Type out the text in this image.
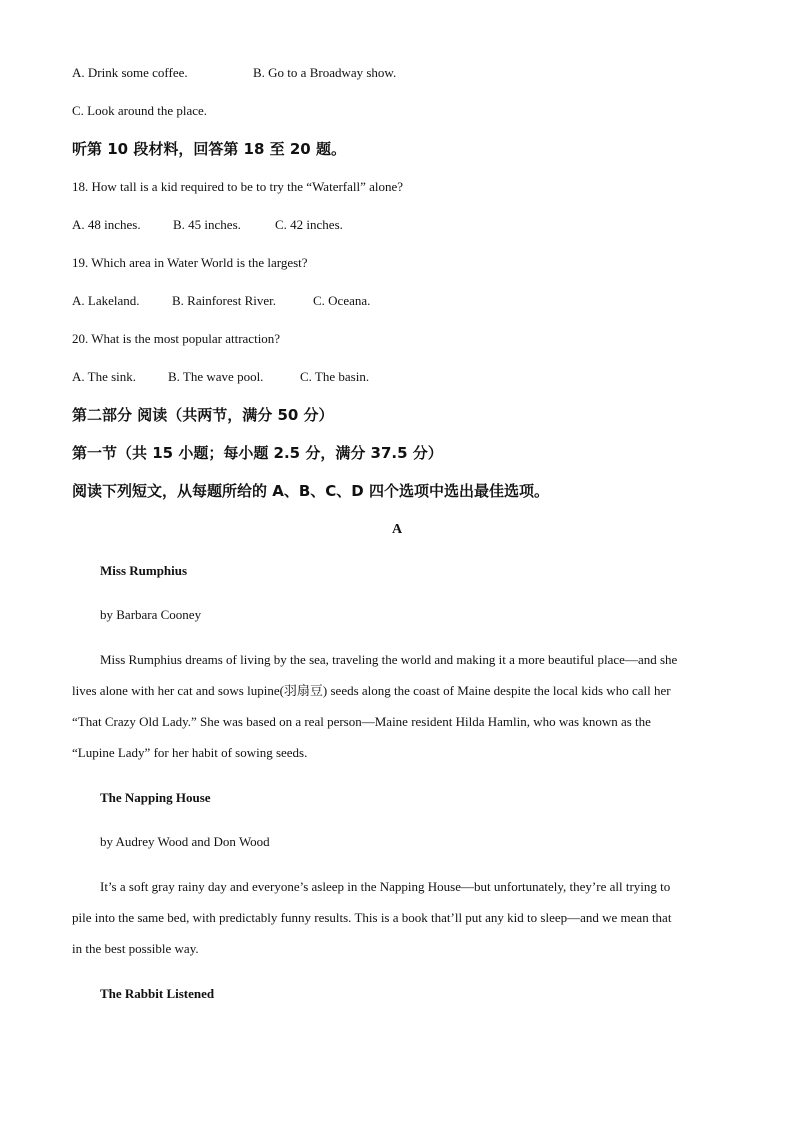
A. Drink some coffee.	B. Go to a Broadway show.
C. Look around the place.
听第 10 段材料，回答第 18 至 20 题。
18. How tall is a kid required to be to try the “Waterfall” alone?
A. 48 inches. B. 45 inches.	C. 42 inches.
19. Which area in Water World is the largest?
A. Lakeland. B. Rainforest River.	C. Oceana.
20. What is the most popular attraction?
A. The sink. B. The wave pool.	C. The basin.
第二部分 阅读（共两节，满分 50 分）
第一节（共 15 小题；每小题 2.5 分，满分 37.5 分）
阅读下列短文，从每题所给的 A、B、C、D 四个选项中选出最佳选项。
A
Miss Rumphius
by Barbara Cooney
Miss Rumphius dreams of living by the sea, traveling the world and making it a more beautiful place—and she
lives alone with her cat and sows lupine(羽扇豆) seeds along the coast of Maine despite the local kids who call her
“That Crazy Old Lady.” She was based on a real person—Maine resident Hilda Hamlin, who was known as the
“Lupine Lady” for her habit of sowing seeds.
The Napping House
by Audrey Wood and Don Wood
It’s a soft gray rainy day and everyone’s asleep in the Napping House—but unfortunately, they’re all trying to
pile into the same bed, with predictably funny results. This is a book that’ll put any kid to sleep—and we mean that
in the best possible way.
The Rabbit Listened
